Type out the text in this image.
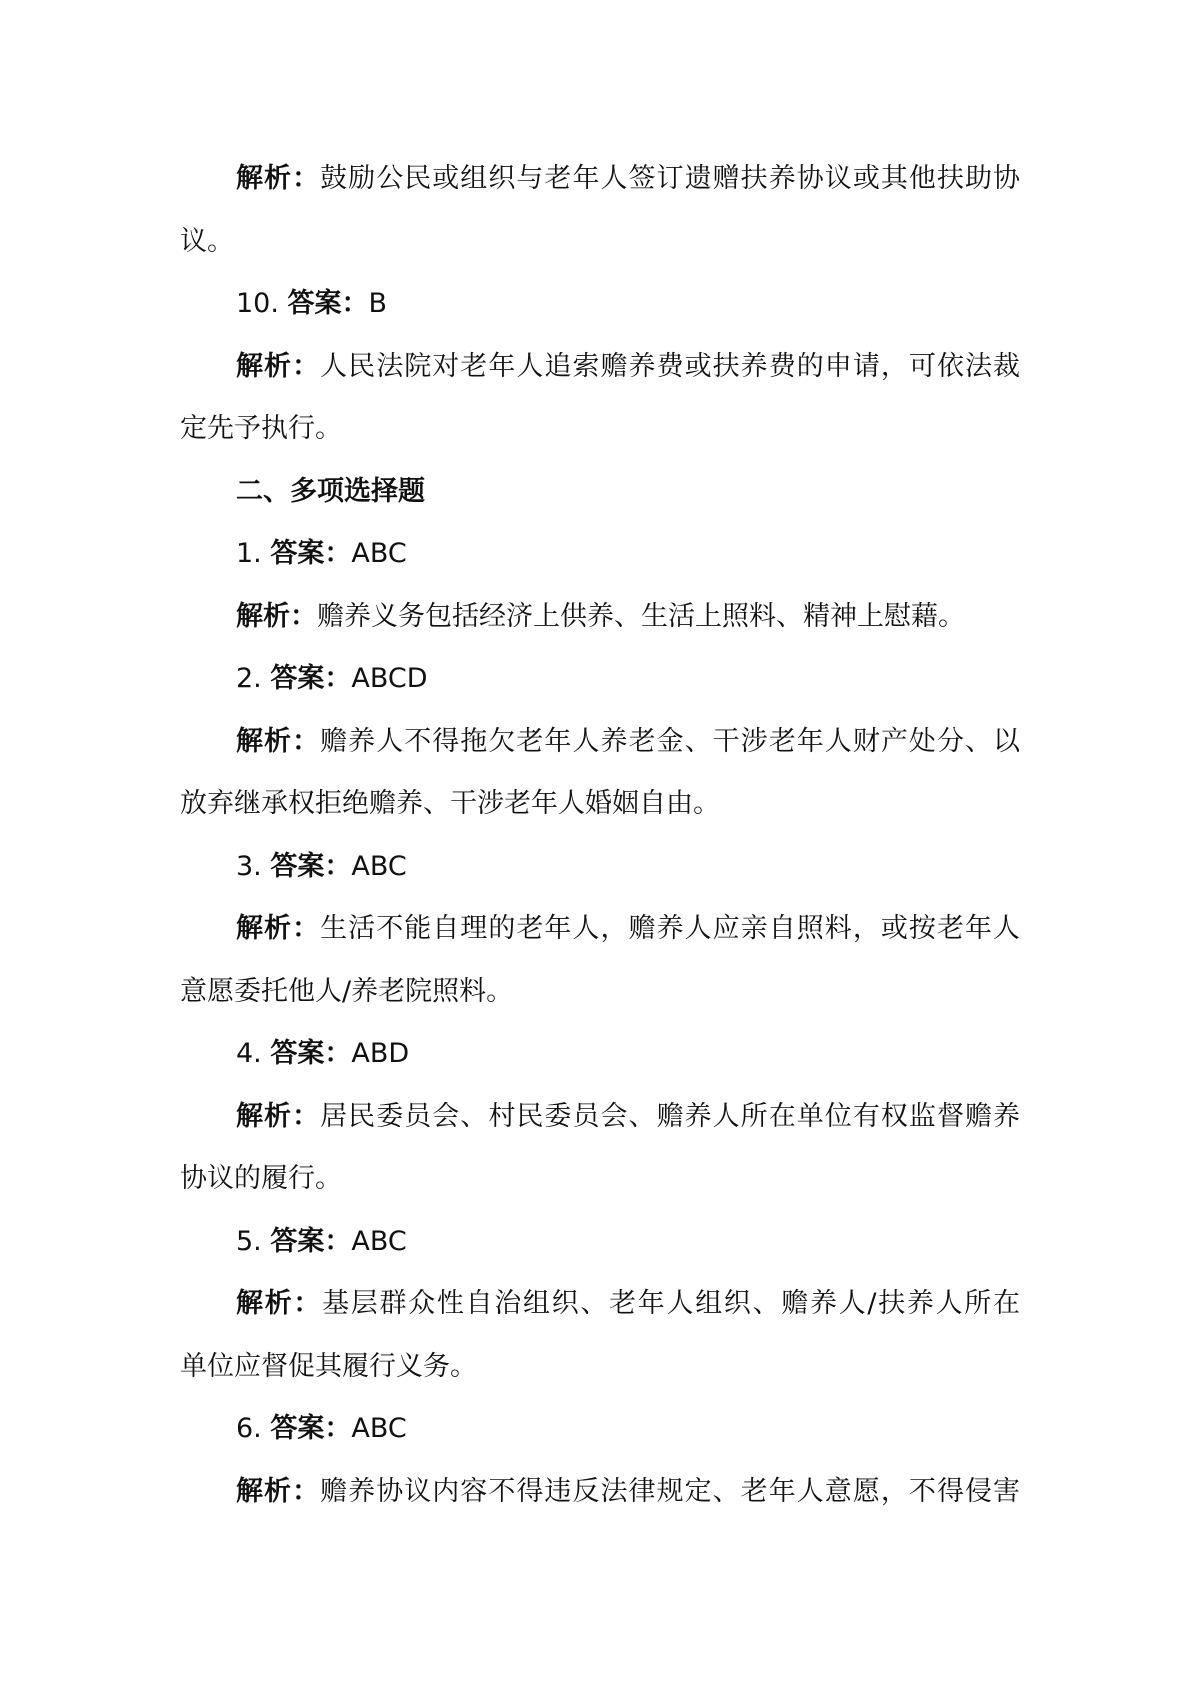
解析：鼓励公民或组织与老年人签订遗赠扶养协议或其他扶助协
议。
10. 答案：B
解析：人民法院对老年人追索赡养费或扶养费的申请，可依法裁
定先予执行。
二、多项选择题
1. 答案：ABC
解析：赡养义务包括经济上供养、生活上照料、精神上慰藉。
2. 答案：ABCD
解析：赡养人不得拖欠老年人养老金、干涉老年人财产处分、以
放弃继承权拒绝赡养、干涉老年人婚姻自由。
3. 答案：ABC
解析：生活不能自理的老年人，赡养人应亲自照料，或按老年人
意愿委托他人/养老院照料。
4. 答案：ABD
解析：居民委员会、村民委员会、赡养人所在单位有权监督赡养
协议的履行。
5. 答案：ABC
解析：基层群众性自治组织、老年人组织、赡养人/扶养人所在
单位应督促其履行义务。
6. 答案：ABC
解析：赡养协议内容不得违反法律规定、老年人意愿，不得侵害
